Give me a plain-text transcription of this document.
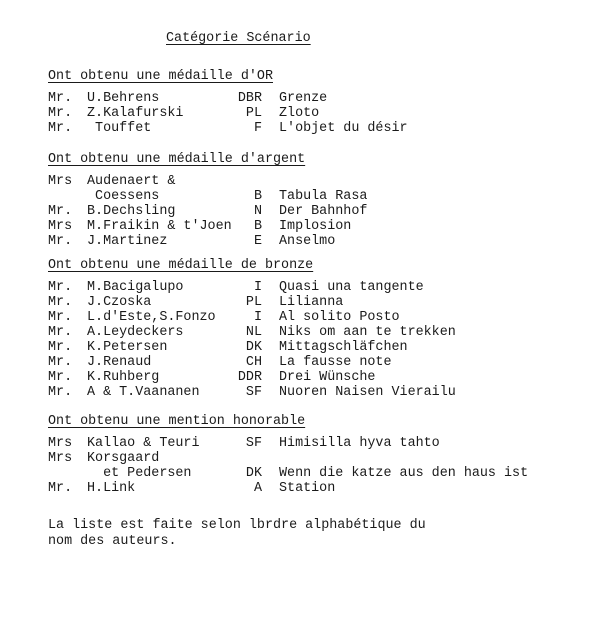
Catégorie Scénario
Ont obtenu une médaille d'OR
Mr. U.Behrens	DBR Grenze
Mr. Z.Kalafurski	PL Zloto
Mr. Touffet	F L'objet du désir
Ont obtenu une médaille d'argent
Mrs Audenaert &
Coessens	B Tabula Rasa
Mr. B.Dechsling	N Der Bahnhof
Mrs M.Fraikin & t'Joen	B Implosion
Mr. J.Martinez	E Anselmo
Ont obtenu une médaille de bronze
Mr. M.Bacigalupo	I Quasi una tangente
Mr. J.Czoska	PL Lilianna
Mr. L.d'Este,S.Fonzo	I Al solito Posto
Mr. A.Leydeckers	NL Niks om aan te trekken
Mr. K.Petersen	DK Mittagschläfchen
Mr. J.Renaud	CH La fausse note
Mr. K.Ruhberg	DDR Drei Wünsche
Mr. A & T.Vaananen	SF Nuoren Naisen Vierailu
Ont obtenu une mention honorable
Mrs Kallao & Teuri	SF Himisilla hyva tahto
Mrs Korsgaard
et Pedersen	DK Wenn die katze aus den haus ist
Mr. H.Link	A Station
La liste est faite selon lbrdre alphabétique du
nom des auteurs.
